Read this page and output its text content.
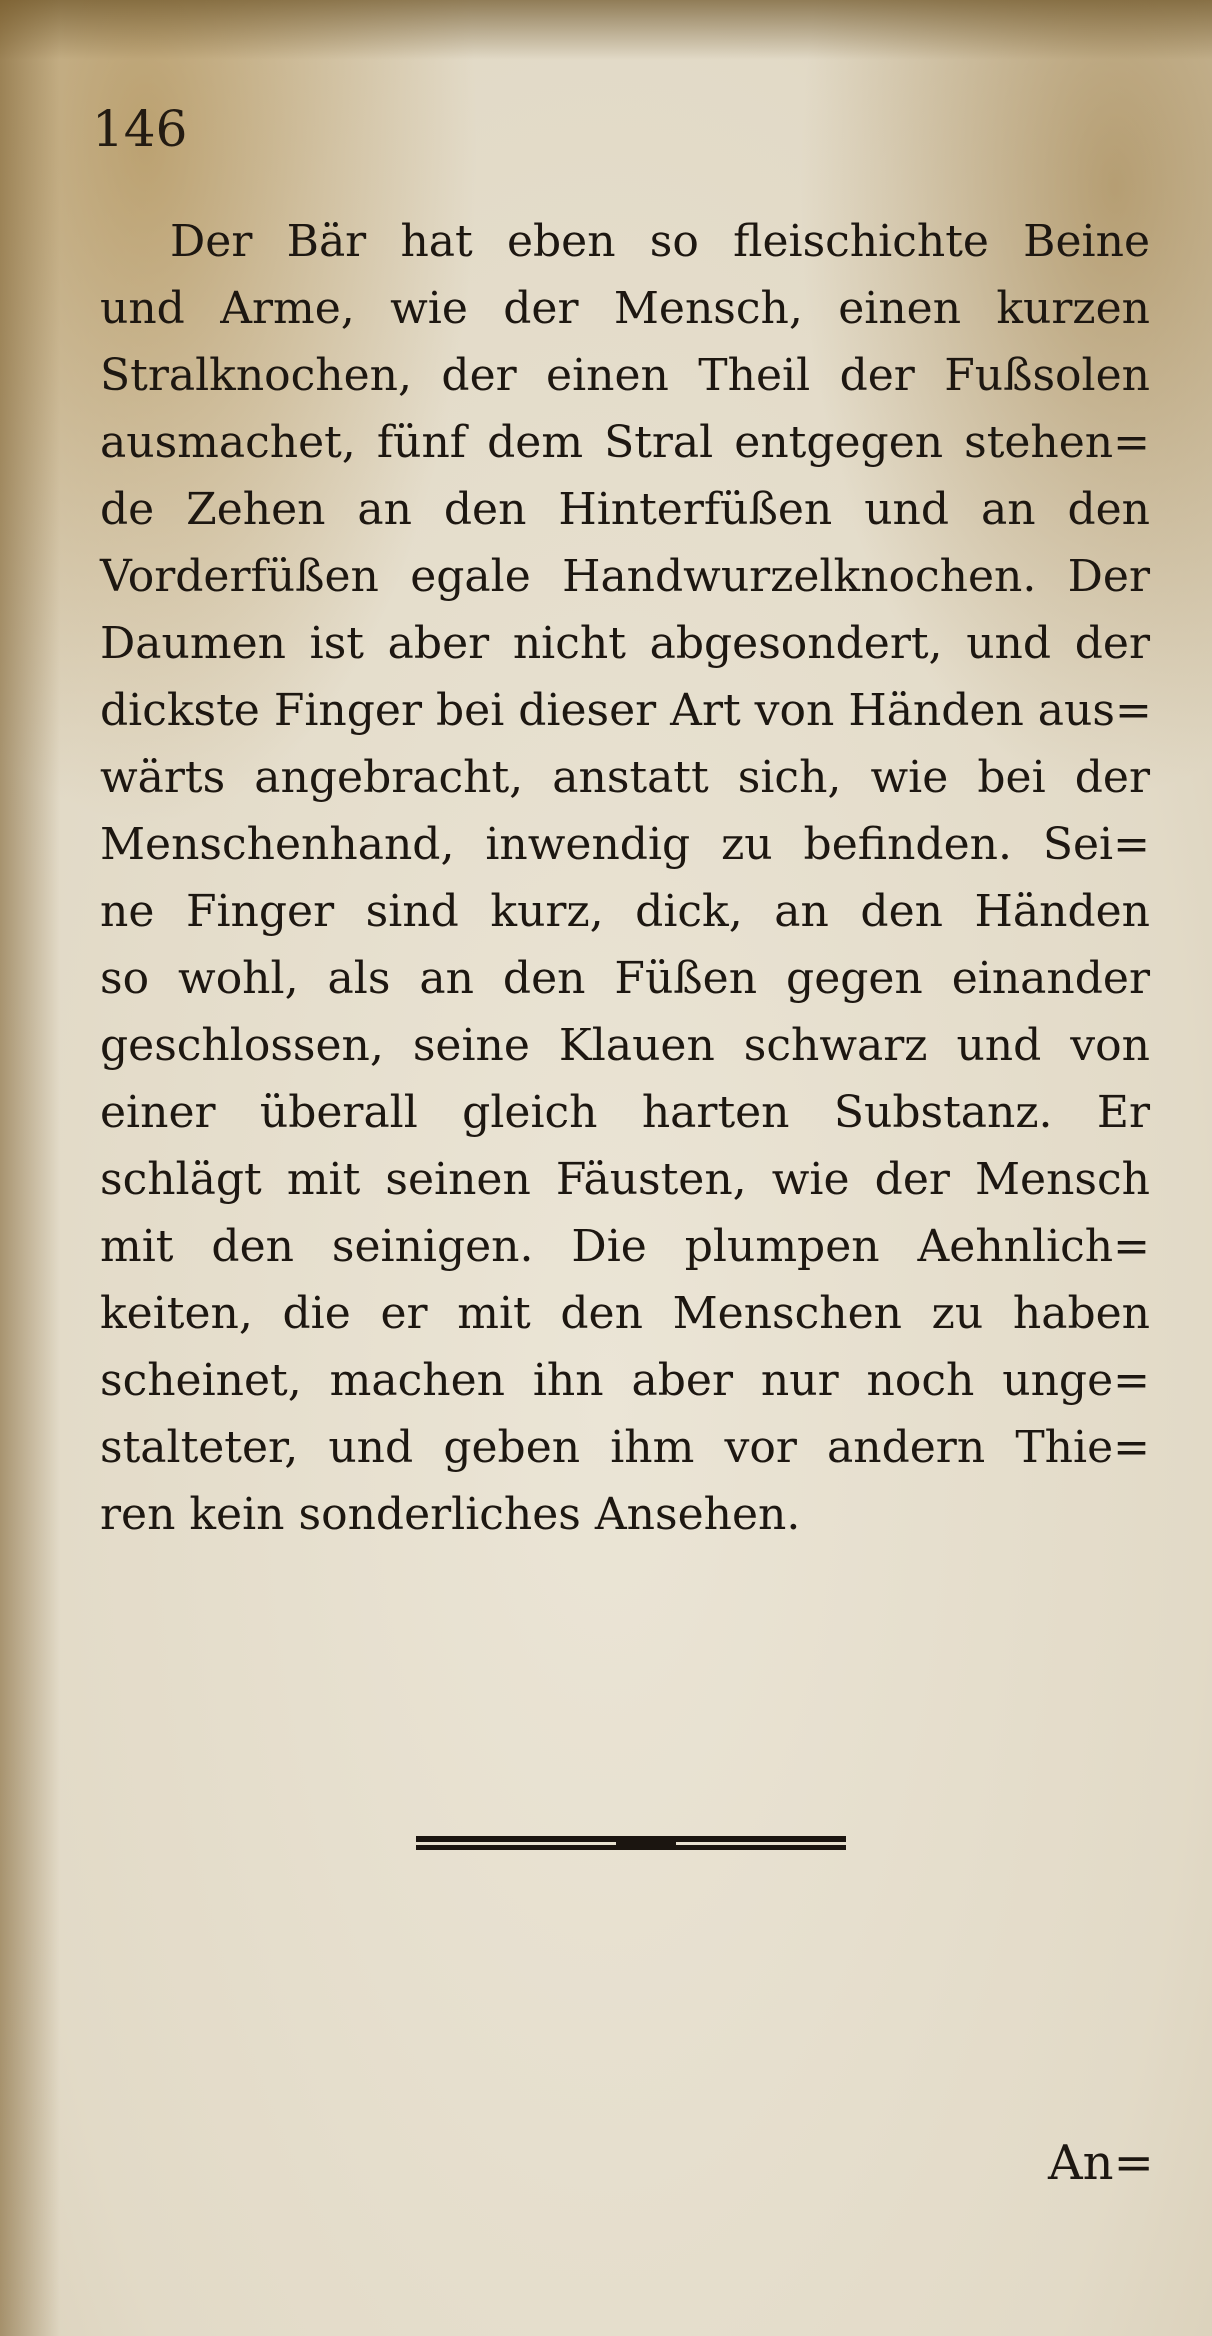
146
Der Bär hat eben so fleischichte Beine
und Arme, wie der Mensch, einen kurzen
Stralknochen, der einen Theil der Fußsolen
ausmachet, fünf dem Stral entgegen stehen=
de Zehen an den Hinterfüßen und an den
Vorderfüßen egale Handwurzelknochen. Der
Daumen ist aber nicht abgesondert, und der
dickste Finger bei dieser Art von Händen aus=
wärts angebracht, anstatt sich, wie bei der
Menschenhand, inwendig zu befinden. Sei=
ne Finger sind kurz, dick, an den Händen
so wohl, als an den Füßen gegen einander
geschlossen, seine Klauen schwarz und von
einer überall gleich harten Substanz. Er
schlägt mit seinen Fäusten, wie der Mensch
mit den seinigen. Die plumpen Aehnlich=
keiten, die er mit den Menschen zu haben
scheinet, machen ihn aber nur noch unge=
stalteter, und geben ihm vor andern Thie=
ren kein sonderliches Ansehen.
An=
